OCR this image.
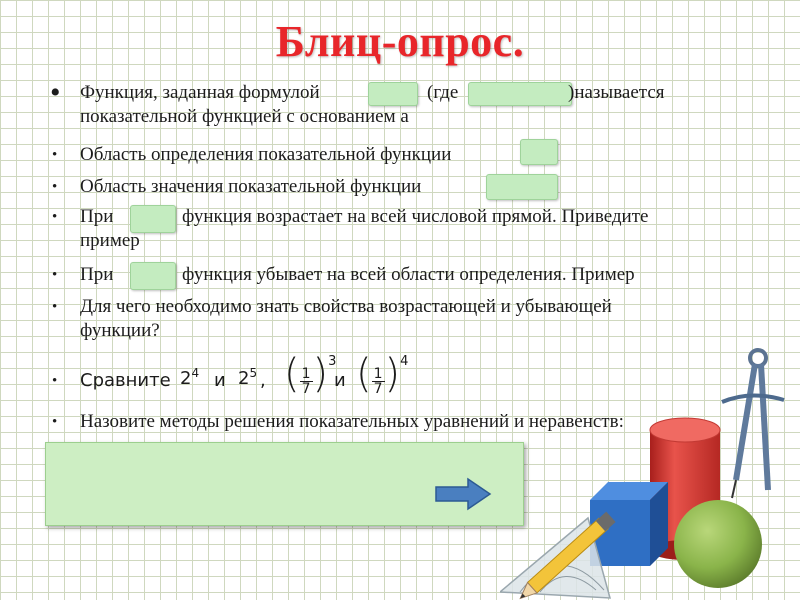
Блиц-опрос.
• Функция, заданная формулой	(где	)называется
показательной функцией с основанием а
• Область определения показательной функции
• Область значения показательной функции
• При	функция возрастает на всей числовой прямой. Приведите
пример
• При	функция убывает на всей области определения. Пример
• Для чего необходимо знать свойства возрастающей и убывающей
функции?
• Сравните $2^4$ и $2^5$ , ( $\frac{1}{7} )^3$
и ( $\frac{1}{7} )^4$
• Назовите методы решения показательных уравнений и неравенств:
